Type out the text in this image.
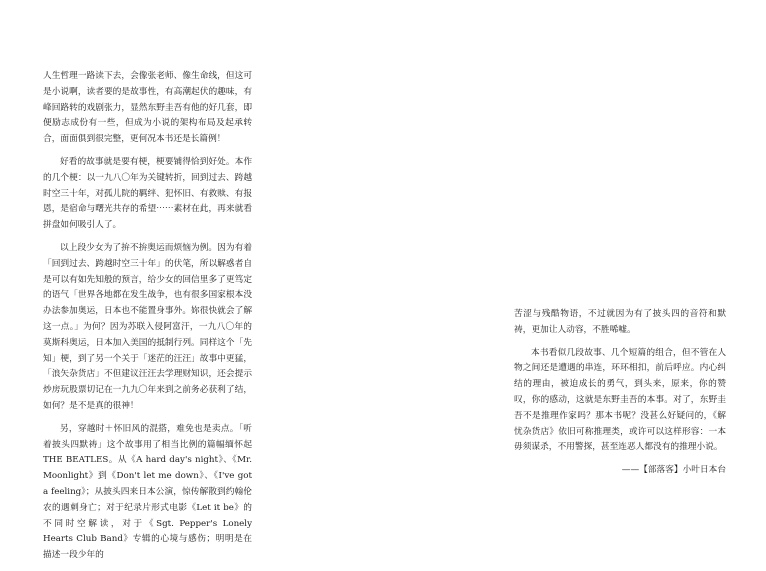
人生哲理一路读下去，会像张老师、像生命线，但这可是小说啊，读者要的是故事性，有高潮起伏的趣味，有峰回路转的戏剧张力，显然东野圭吾有他的好几套，即便励志成份有一些，但成为小说的架构布局及起承转合，面面俱到很完整，更何况本书还是长篇例！

好看的故事就是要有梗，梗要铺得恰到好处。本作的几个梗：以一九八〇年为关键转折，回到过去、跨越时空三十年，对孤儿院的羁绊、犯怀旧、有救赎、有报恩，是宿命与曙光共存的希望⋯⋯素材在此，再来就看拼盘如何吸引人了。

以上段少女为了拚不拚奥运而烦恼为例。因为有着「回到过去、跨越时空三十年」的伏笔，所以解惑者自是可以有如先知般的预言，给少女的回信里多了更笃定的语气「世界各地都在发生战争，也有很多国家根本没办法参加奥运，日本也不能置身事外。妳很快就会了解这一点。」为何？因为苏联入侵阿富汗，一九八〇年的莫斯科奥运，日本加入美国的抵制行列。同样这个「先知」梗，到了另一个关于「迷茫的汪汪」故事中更猛，「浪矢杂货店」不但建议汪汪去学理财知识，还会提示炒房玩股票切记在一九九〇年来到之前务必获利了结，如何？是不是真的很神！

另，穿越时＋怀旧风的混搭，难免也是卖点。「听着披头四默祷」这个故事用了相当比例的篇幅缅怀起 THE BEATLES。从《A hard day's night》、《Mr. Moonlight》到《Don't let me down》、《I've got a feeling》；从披头四来日本公演，惊传解散到约翰伦农的遇刺身亡；对于纪录片形式电影《Let it be》的不同时空解读，对于《Sgt. Pepper's Lonely Hearts Club Band》专辑的心境与感伤；明明是在描述一段少年的

苦涩与残酷物语，不过就因为有了披头四的音符和默祷，更加让人动容，不胜唏嘘。

本书看似几段故事、几个短篇的组合，但不管在人物之间还是遭遇的串连，环环相扣，前后呼应。内心纠结的理由，被迫成长的勇气，到头来，原来，你的赞叹，你的感动，这就是东野圭吾的本事。对了，东野圭吾不是推理作家吗？那本书呢？没甚么好疑问的，《解忧杂货店》依旧可称推理类，或许可以这样形容：一本毋须谋杀，不用警探，甚至连恶人都没有的推理小说。

——【部落客】小叶日本台
